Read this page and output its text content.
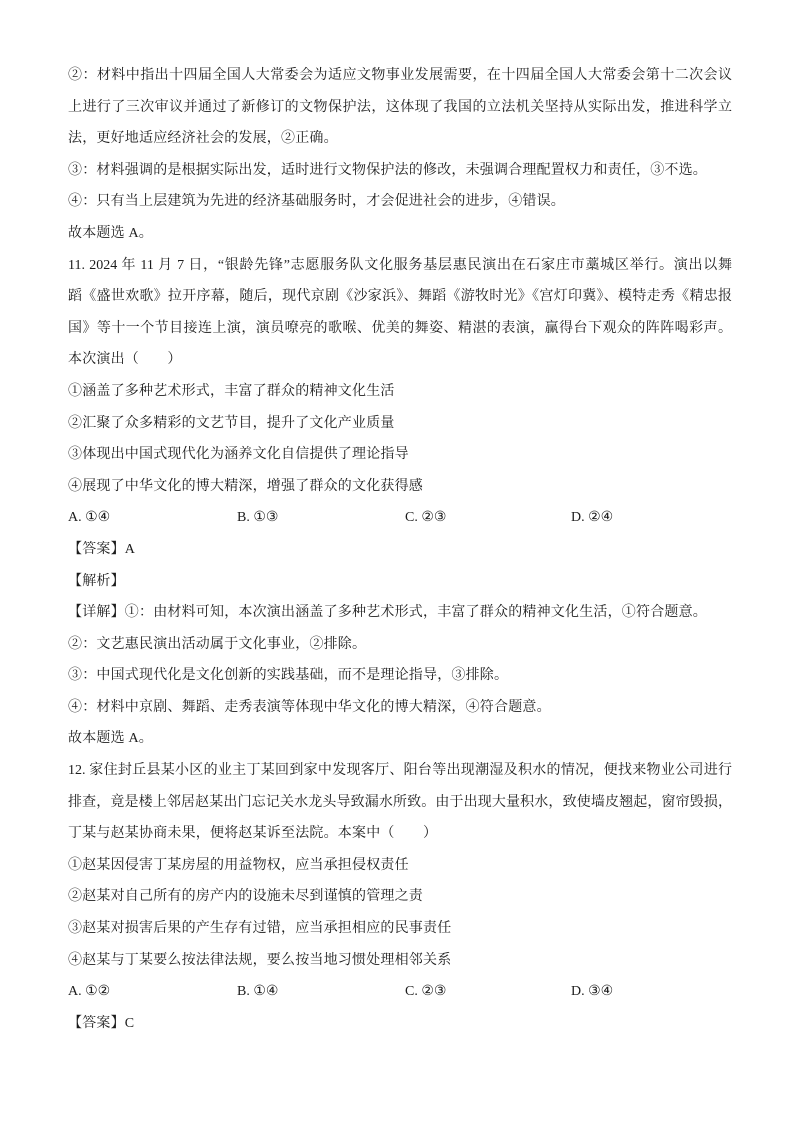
②：材料中指出十四届全国人大常委会为适应文物事业发展需要，在十四届全国人大常委会第十二次会议
上进行了三次审议并通过了新修订的文物保护法，这体现了我国的立法机关坚持从实际出发，推进科学立
法，更好地适应经济社会的发展，②正确。
③：材料强调的是根据实际出发，适时进行文物保护法的修改，未强调合理配置权力和责任，③不选。
④：只有当上层建筑为先进的经济基础服务时，才会促进社会的进步，④错误。
故本题选 A。
11. 2024 年 11 月 7 日，“银龄先锋”志愿服务队文化服务基层惠民演出在石家庄市藁城区举行。演出以舞
蹈《盛世欢歌》拉开序幕，随后，现代京剧《沙家浜》、舞蹈《游牧时光》《宫灯印冀》、模特走秀《精忠报
国》等十一个节目接连上演，演员嘹亮的歌喉、优美的舞姿、精湛的表演，赢得台下观众的阵阵喝彩声。
本次演出（　　）
①涵盖了多种艺术形式，丰富了群众的精神文化生活
②汇聚了众多精彩的文艺节目，提升了文化产业质量
③体现出中国式现代化为涵养文化自信提供了理论指导
④展现了中华文化的博大精深，增强了群众的文化获得感
A. ①④	B. ①③	C. ②③	D. ②④
【答案】A
【解析】
【详解】①：由材料可知，本次演出涵盖了多种艺术形式，丰富了群众的精神文化生活，①符合题意。
②：文艺惠民演出活动属于文化事业，②排除。
③：中国式现代化是文化创新的实践基础，而不是理论指导，③排除。
④：材料中京剧、舞蹈、走秀表演等体现中华文化的博大精深，④符合题意。
故本题选 A。
12. 家住封丘县某小区的业主丁某回到家中发现客厅、阳台等出现潮湿及积水的情况，便找来物业公司进行
排查，竟是楼上邻居赵某出门忘记关水龙头导致漏水所致。由于出现大量积水，致使墙皮翘起，窗帘毁损，
丁某与赵某协商未果，便将赵某诉至法院。本案中（　　）
①赵某因侵害丁某房屋的用益物权，应当承担侵权责任
②赵某对自己所有的房产内的设施未尽到谨慎的管理之责
③赵某对损害后果的产生存有过错，应当承担相应的民事责任
④赵某与丁某要么按法律法规，要么按当地习惯处理相邻关系
A. ①②	B. ①④	C. ②③	D. ③④
【答案】C
